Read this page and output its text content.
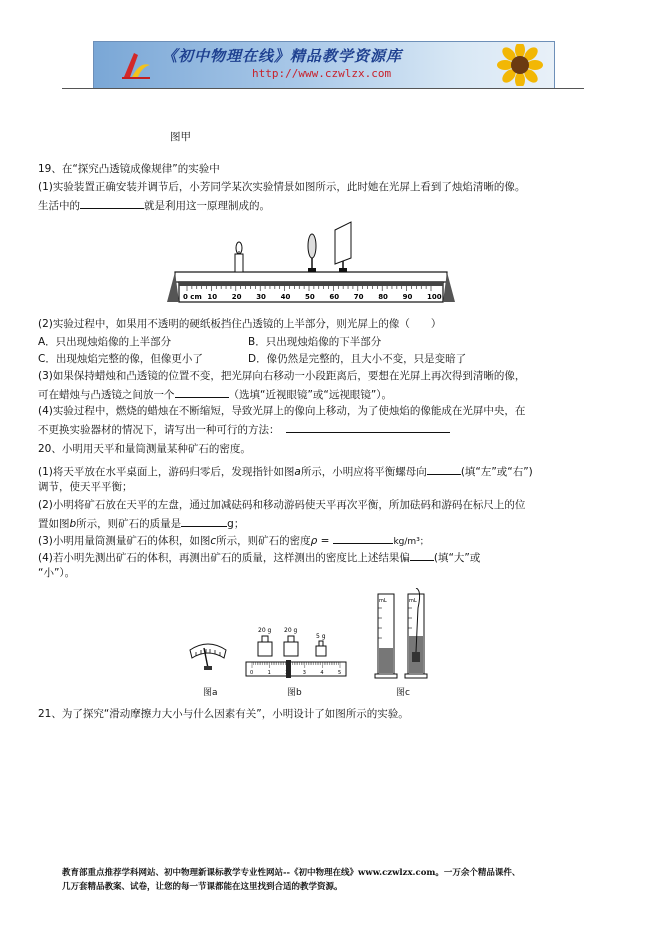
《初中物理在线》精品教学资源库
http://www.czwlzx.com
图甲
19、在“探究凸透镜成像规律”的实验中
(1)实验装置正确安装并调节后，小芳同学某次实验情景如图所示，此时她在光屏上看到了烛焰清晰的像。
生活中的	就是利用这一原理制成的。
0 cm 10 20 30 40 50 60 70 80 90 100
(2)实验过程中，如果用不透明的硬纸板挡住凸透镜的上半部分，则光屏上的像（　　）
A．只出现烛焰像的上半部分	B．只出现烛焰像的下半部分
C．出现烛焰完整的像，但像更小了	D．像仍然是完整的，且大小不变，只是变暗了
(3)如果保持蜡烛和凸透镜的位置不变，把光屏向右移动一小段距离后，要想在光屏上再次得到清晰的像，
可在蜡烛与凸透镜之间放一个	（选填“近视眼镜”或“远视眼镜”）。
(4)实验过程中，燃烧的蜡烛在不断缩短，导致光屏上的像向上移动，为了使烛焰的像能成在光屏中央，在
不更换实验器材的情况下，请写出一种可行的方法：
20、小明用天平和量筒测量某种矿石的密度。
(1)将天平放在水平桌面上，游码归零后，发现指针如图a所示，小明应将平衡螺母向	(填“左”或“右”)
调节，使天平平衡；
(2)小明将矿石放在天平的左盘，通过加减砝码和移动游码使天平再次平衡，所加砝码和游码在标尺上的位
置如图b所示，则矿石的质量是	g；
(3)小明用量筒测量矿石的体积，如图c所示，则矿石的密度ρ =	kg/m³；
(4)若小明先测出矿石的体积，再测出矿石的质量，这样测出的密度比上述结果偏 (填“大”或
“小”）。
图a
20 g 20 g
5 g
0	1	3	4	5
图b
mL	mL
图c
21、为了探究“滑动摩擦力大小与什么因素有关”，小明设计了如图所示的实验。
教育部重点推荐学科网站、初中物理新课标教学专业性网站--《初中物理在线》www.czwlzx.com。一万余个精品课件、
几万套精品教案、试卷，让您的每一节课都能在这里找到合适的教学资源。
